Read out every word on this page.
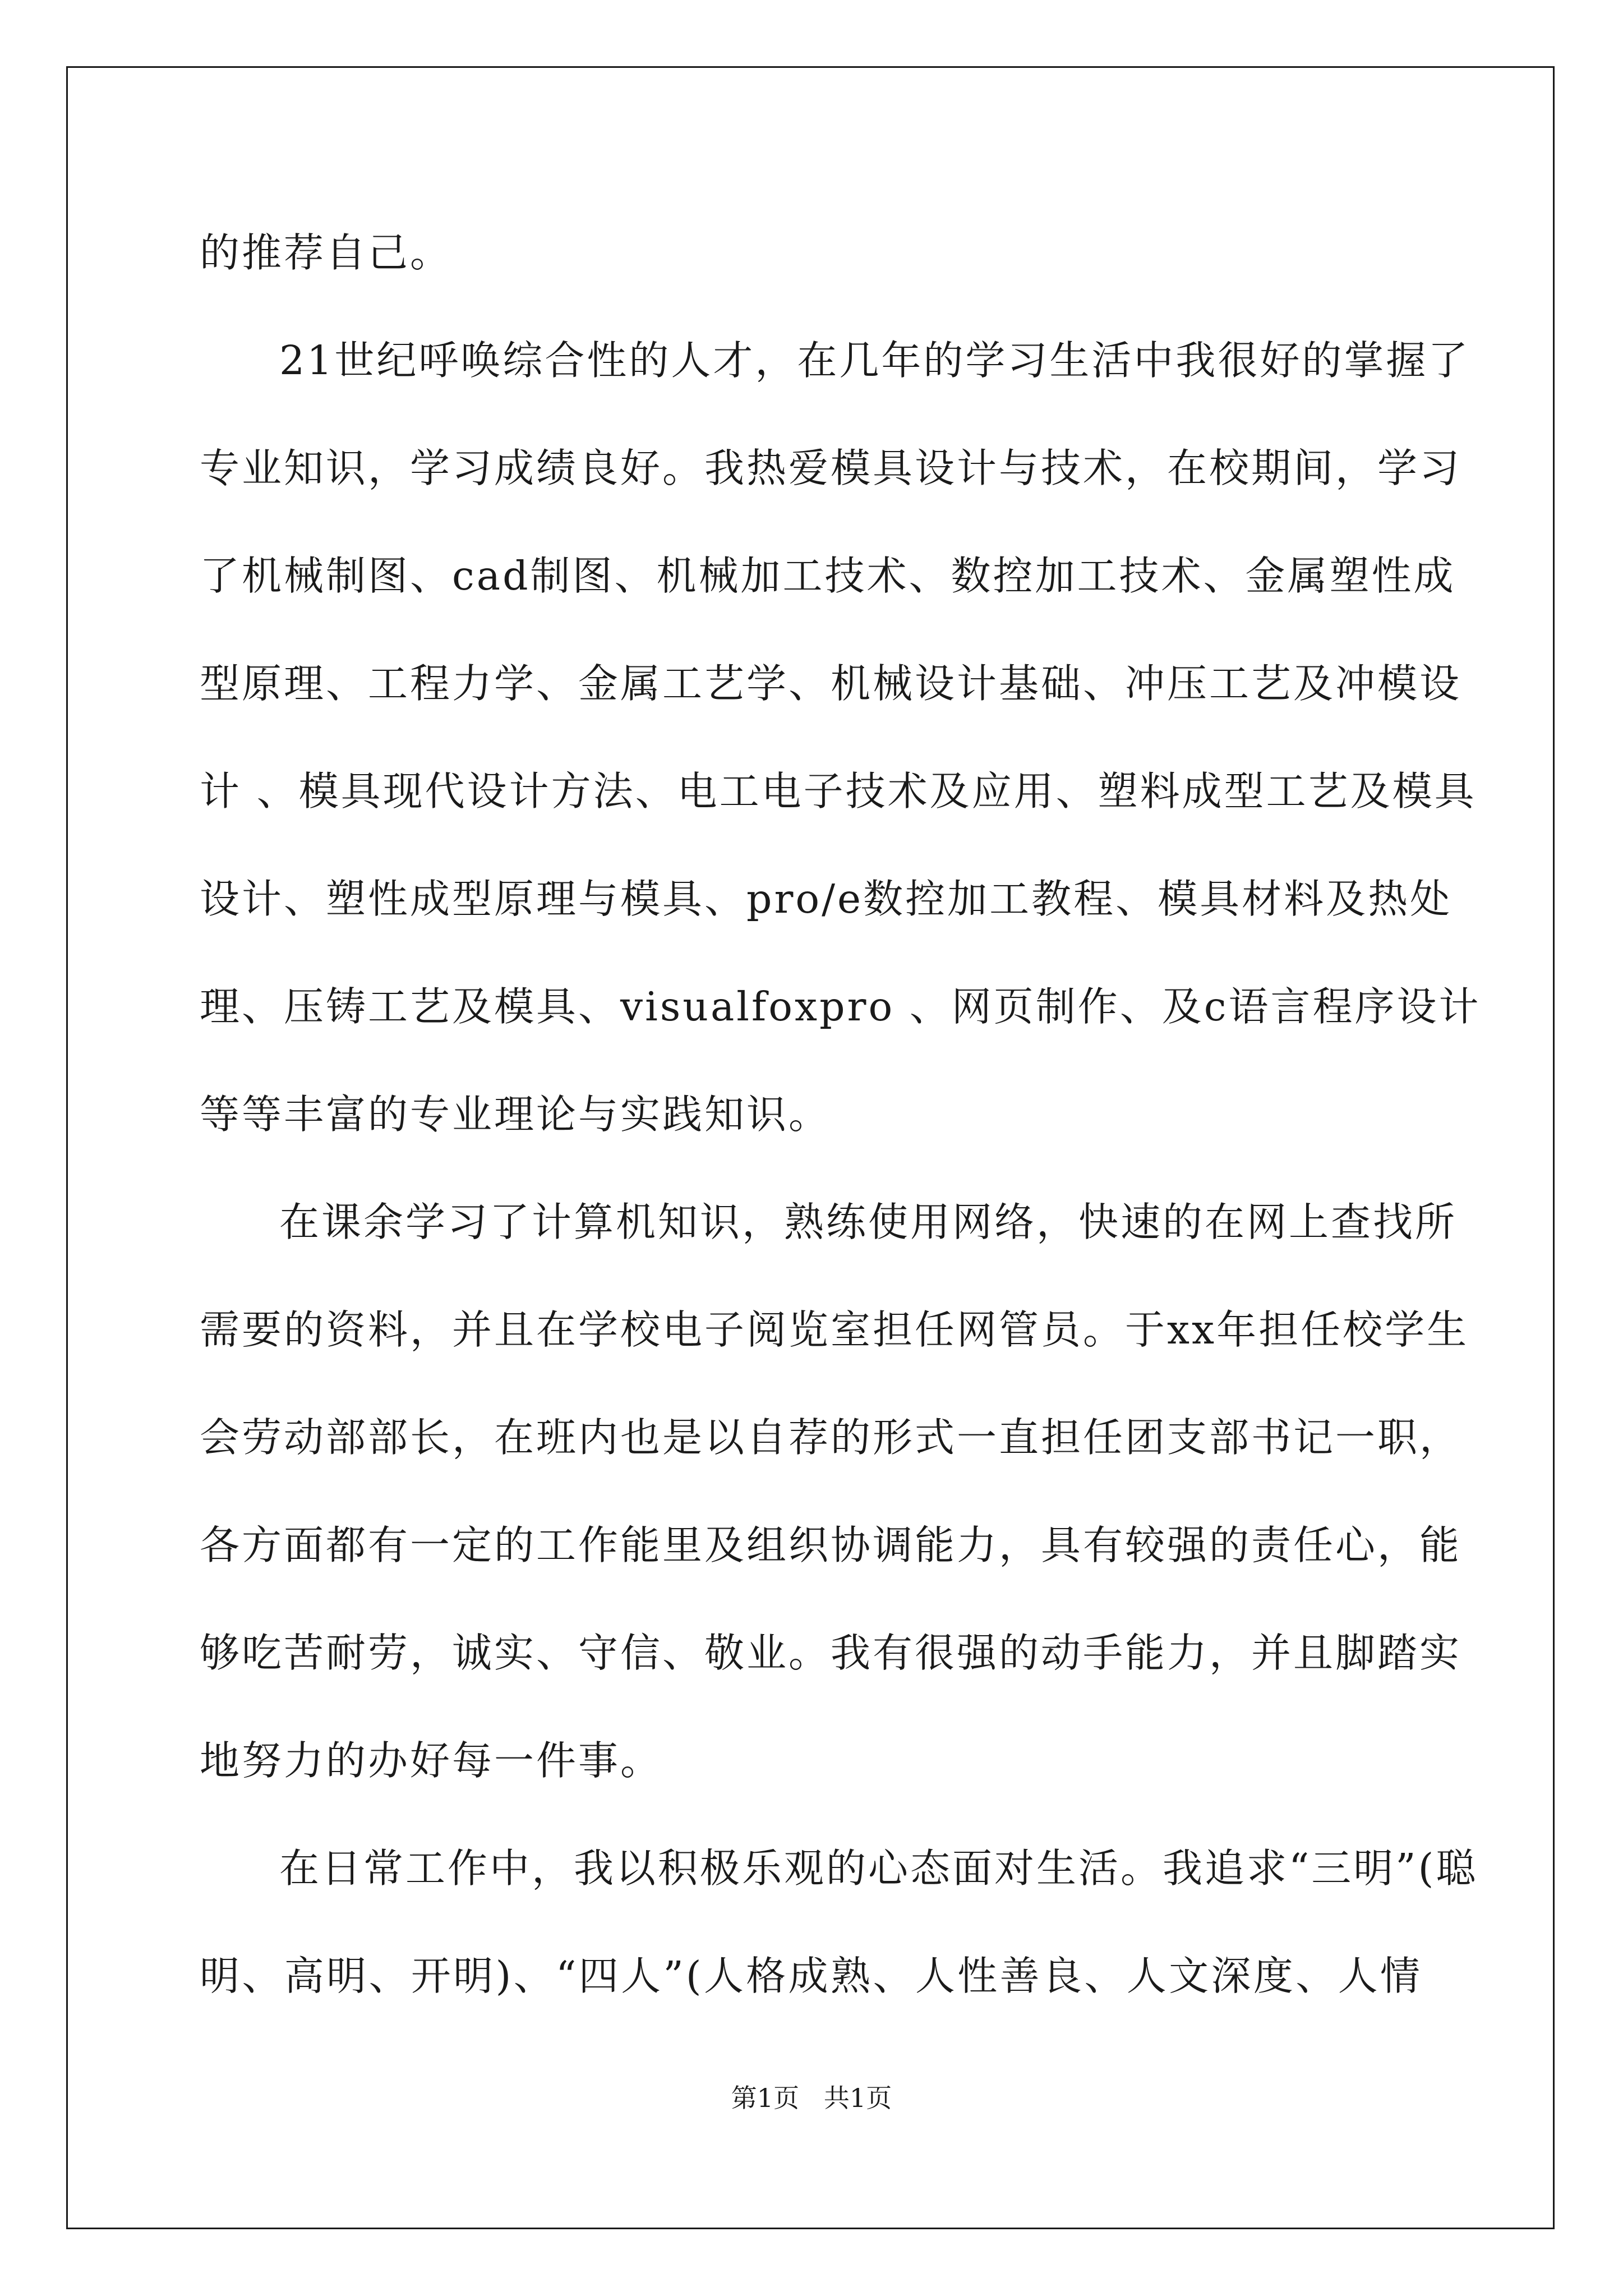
的推荐自己。
21世纪呼唤综合性的人才，在几年的学习生活中我很好的掌握了
专业知识，学习成绩良好。我热爱模具设计与技术，在校期间，学习
了机械制图、cad制图、机械加工技术、数控加工技术、金属塑性成
型原理、工程力学、金属工艺学、机械设计基础、冲压工艺及冲模设
计 、模具现代设计方法、电工电子技术及应用、塑料成型工艺及模具
设计、塑性成型原理与模具、pro/e数控加工教程、模具材料及热处
理、压铸工艺及模具、visualfoxpro 、网页制作、及c语言程序设计
等等丰富的专业理论与实践知识。
在课余学习了计算机知识，熟练使用网络，快速的在网上查找所
需要的资料，并且在学校电子阅览室担任网管员。于xx年担任校学生
会劳动部部长，在班内也是以自荐的形式一直担任团支部书记一职，
各方面都有一定的工作能里及组织协调能力，具有较强的责任心，能
够吃苦耐劳，诚实、守信、敬业。我有很强的动手能力，并且脚踏实
地努力的办好每一件事。
在日常工作中，我以积极乐观的心态面对生活。我追求“三明”(聪
明、高明、开明)、“四人”(人格成熟、人性善良、人文深度、人情
第1页   共1页
